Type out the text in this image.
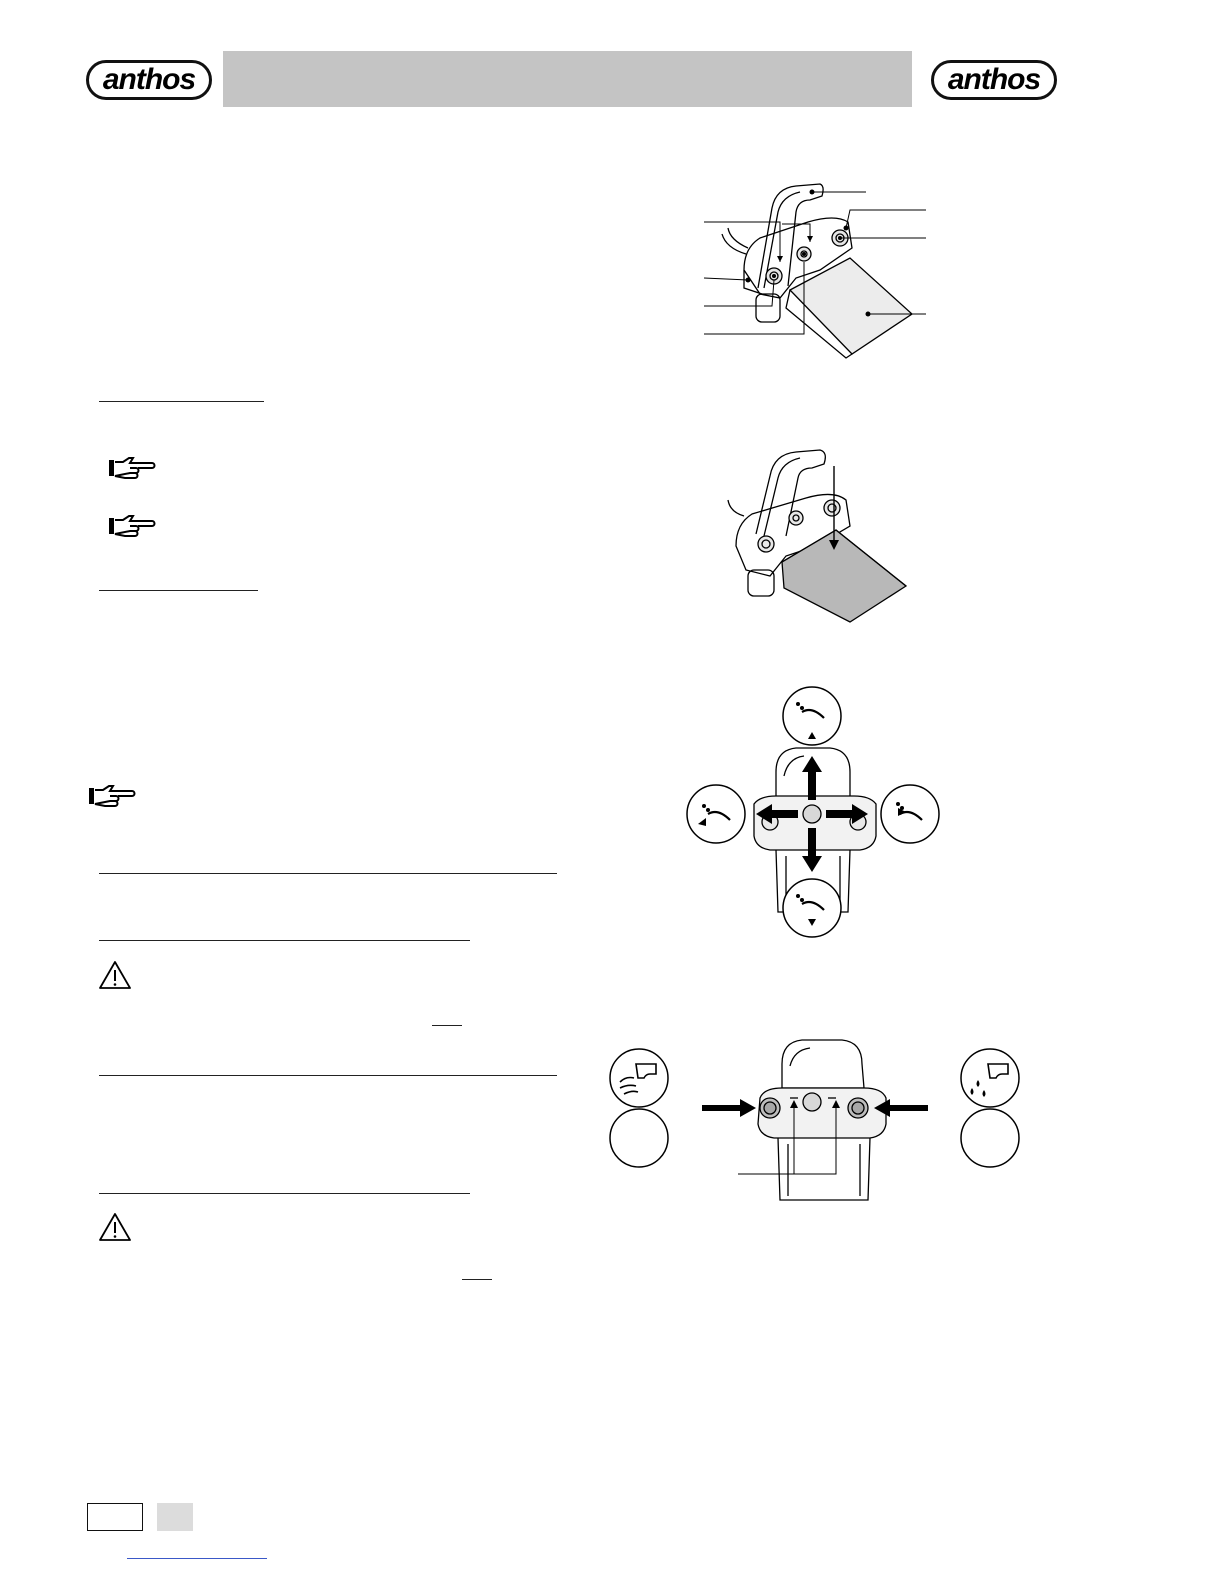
anthos	anthos
